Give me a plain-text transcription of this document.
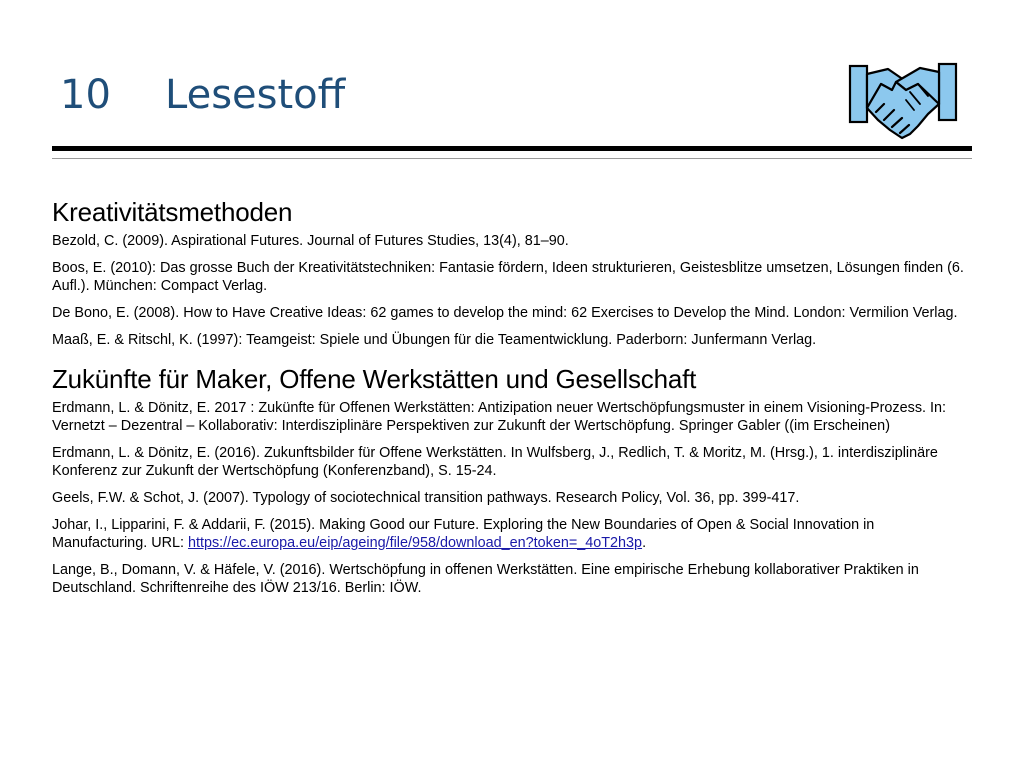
10 Lesestoff
Kreativitätsmethoden

Bezold, C. (2009). Aspirational Futures. Journal of Futures Studies, 13(4), 81–90.

Boos, E. (2010): Das grosse Buch der Kreativitätstechniken: Fantasie fördern, Ideen strukturieren, Geistesblitze umsetzen, Lösungen finden (6. Aufl.). München: Compact Verlag.

De Bono, E. (2008). How to Have Creative Ideas: 62 games to develop the mind: 62 Exercises to Develop the Mind. London: Vermilion Verlag.

Maaß, E. & Ritschl, K. (1997): Teamgeist: Spiele und Übungen für die Teamentwicklung. Paderborn: Junfermann Verlag.

Zukünfte für Maker, Offene Werkstätten und Gesellschaft

Erdmann, L. & Dönitz, E. 2017 : Zukünfte für Offenen Werkstätten: Antizipation neuer Wertschöpfungsmuster in einem Visioning-Prozess. In: Vernetzt – Dezentral – Kollaborativ: Interdisziplinäre Perspektiven zur Zukunft der Wertschöpfung. Springer Gabler ((im Erscheinen)

Erdmann, L. & Dönitz, E. (2016). Zukunftsbilder für Offene Werkstätten. In Wulfsberg, J., Redlich, T. & Moritz, M. (Hrsg.), 1. interdisziplinäre Konferenz zur Zukunft der Wertschöpfung (Konferenzband), S. 15-24.

Geels, F.W. & Schot, J. (2007). Typology of sociotechnical transition pathways. Research Policy, Vol. 36, pp. 399-417.

Johar, I., Lipparini, F. & Addarii, F. (2015). Making Good our Future. Exploring the New Boundaries of Open & Social Innovation in Manufacturing. URL: https://ec.europa.eu/eip/ageing/file/958/download_en?token=_4oT2h3p.

Lange, B., Domann, V. & Häfele, V. (2016). Wertschöpfung in offenen Werkstätten. Eine empirische Erhebung kollaborativer Praktiken in Deutschland. Schriftenreihe des IÖW 213/16. Berlin: IÖW.
